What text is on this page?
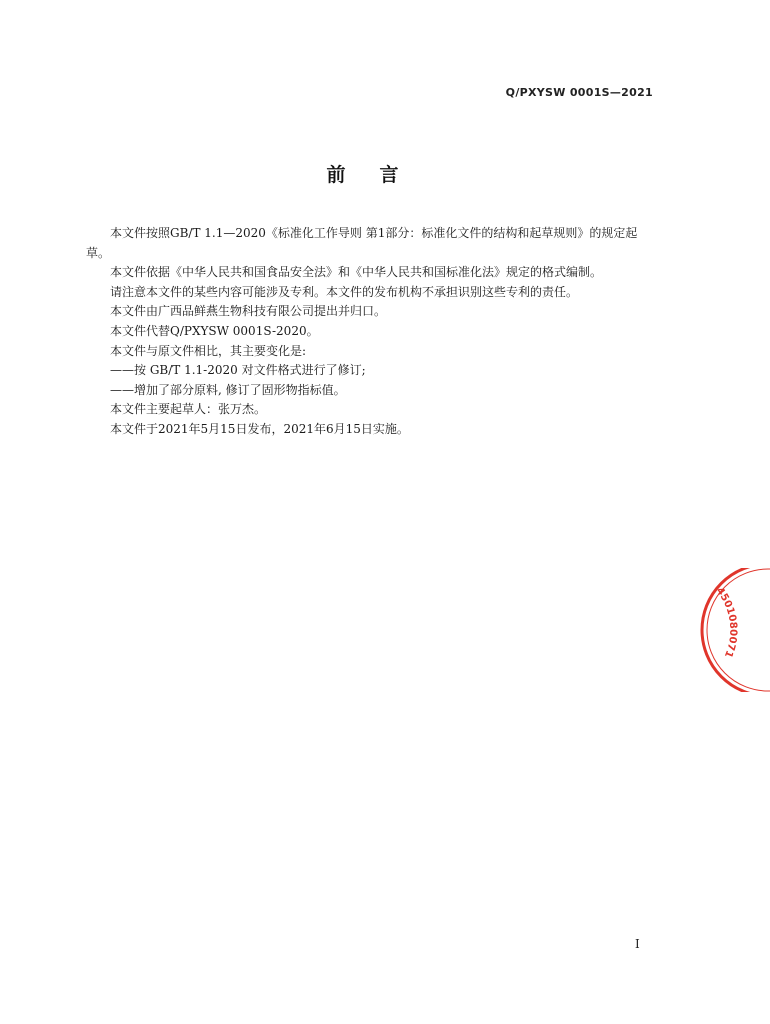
Q/PXYSW 0001S—2021
前言

本文件按照GB/T 1.1—2020《标准化工作导则 第1部分：标准化文件的结构和起草规则》的规定起草。

本文件依据《中华人民共和国食品安全法》和《中华人民共和国标准化法》规定的格式编制。

请注意本文件的某些内容可能涉及专利。本文件的发布机构不承担识别这些专利的责任。

本文件由广西品鲜燕生物科技有限公司提出并归口。

本文件代替Q/PXYSW 0001S-2020。

本文件与原文件相比，其主要变化是:

——按 GB/T 1.1-2020 对文件格式进行了修订;

——增加了部分原料, 修订了固形物指标值。

本文件主要起草人：张万杰。

本文件于2021年5月15日发布，2021年6月15日实施。

I
4501080071
